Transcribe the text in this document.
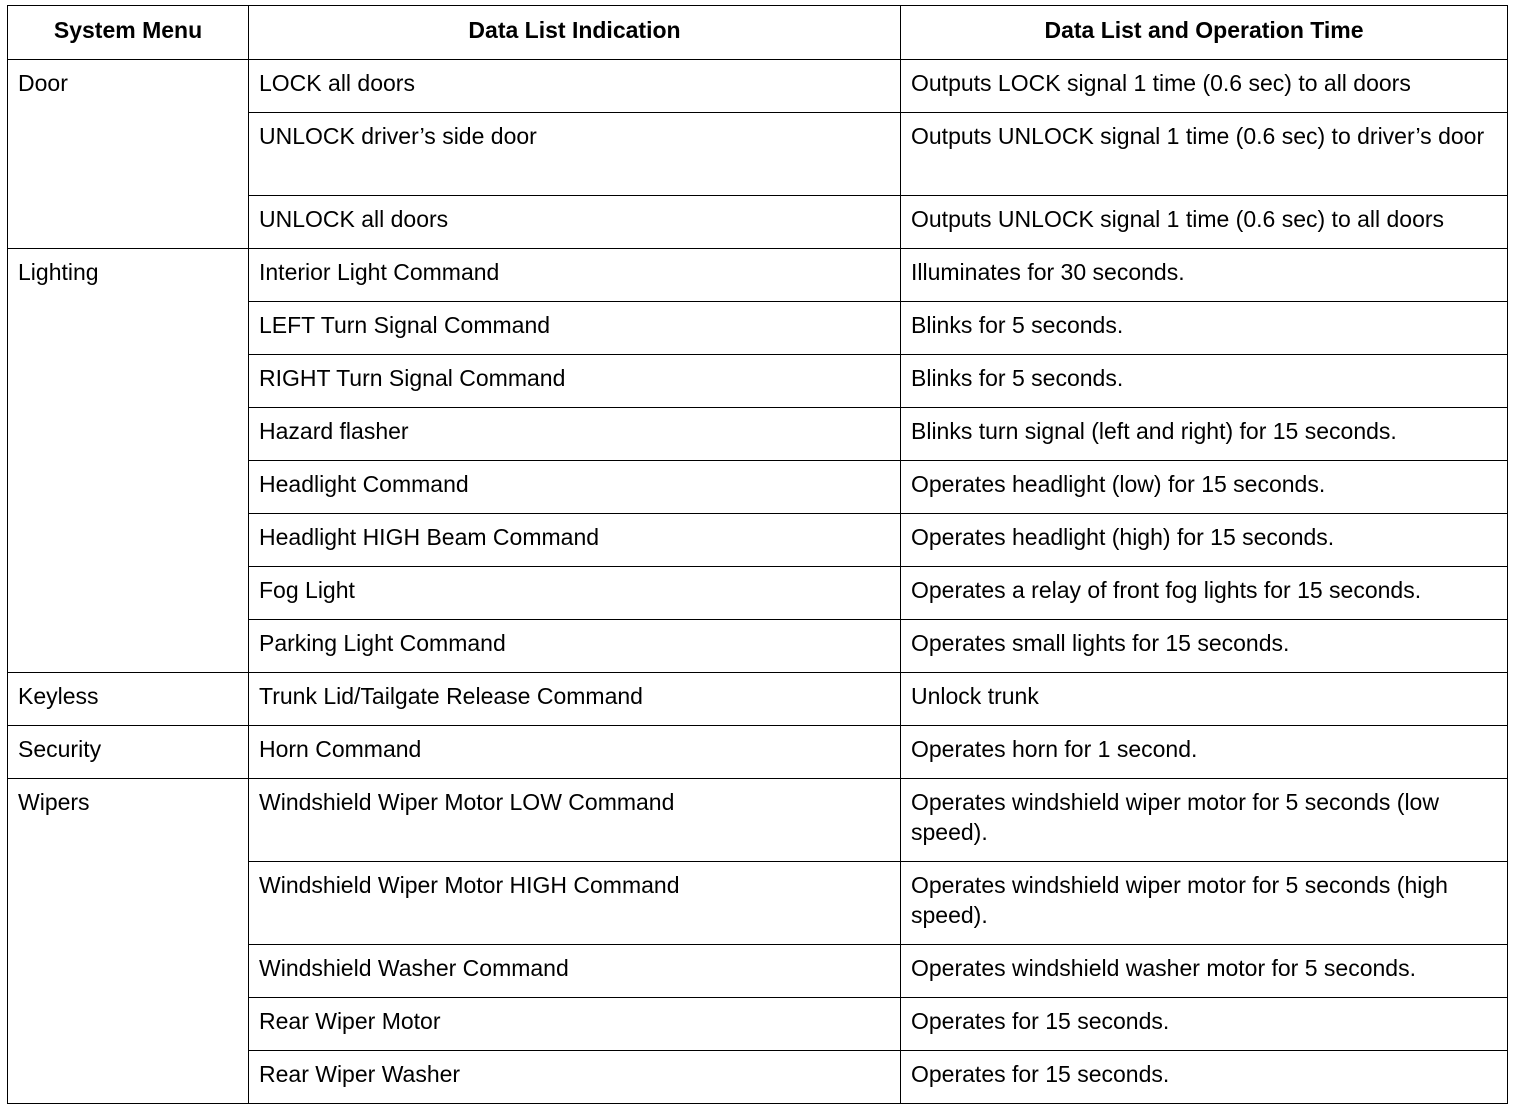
System Menu	Data List Indication	Data List and Operation Time
Door	LOCK all doors	Outputs LOCK signal 1 time (0.6 sec) to all doors
	UNLOCK driver’s side door	Outputs UNLOCK signal 1 time (0.6 sec) to driver’s door
	UNLOCK all doors	Outputs UNLOCK signal 1 time (0.6 sec) to all doors
Lighting	Interior Light Command	Illuminates for 30 seconds.
	LEFT Turn Signal Command	Blinks for 5 seconds.
	RIGHT Turn Signal Command	Blinks for 5 seconds.
	Hazard flasher	Blinks turn signal (left and right) for 15 seconds.
	Headlight Command	Operates headlight (low) for 15 seconds.
	Headlight HIGH Beam Command	Operates headlight (high) for 15 seconds.
	Fog Light	Operates a relay of front fog lights for 15 seconds.
	Parking Light Command	Operates small lights for 15 seconds.
Keyless	Trunk Lid/Tailgate Release Command	Unlock trunk
Security	Horn Command	Operates horn for 1 second.
Wipers	Windshield Wiper Motor LOW Command	Operates windshield wiper motor for 5 seconds (low speed).
	Windshield Wiper Motor HIGH Command	Operates windshield wiper motor for 5 seconds (high speed).
	Windshield Washer Command	Operates windshield washer motor for 5 seconds.
	Rear Wiper Motor	Operates for 15 seconds.
	Rear Wiper Washer	Operates for 15 seconds.
